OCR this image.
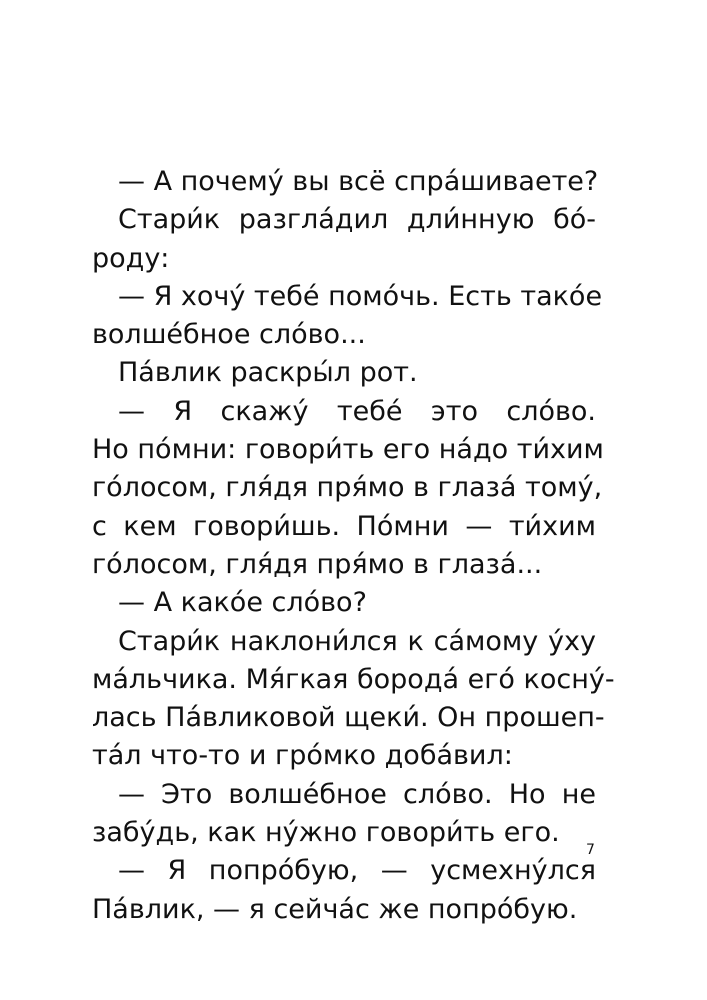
— А почему́ вы всё спра́шиваете?
Стари́к разгла́дил дли́нную бо́-
роду:
— Я хочу́ тебе́ помо́чь. Есть тако́е
волше́бное сло́во...
Па́влик раскры́л рот.
— Я скажу́ тебе́ это сло́во.
Но по́мни: говори́ть его на́до ти́хим
го́лосом, гля́дя пря́мо в глаза́ тому́,
с кем говори́шь. По́мни — ти́хим
го́лосом, гля́дя пря́мо в глаза́...
— А како́е сло́во?
Стари́к наклони́лся к са́мому у́ху
ма́льчика. Мя́гкая борода́ его́ косну́-
лась Па́вликовой щеки́. Он прошеп-
та́л что-то и гро́мко доба́вил:
— Это волше́бное сло́во. Но не
забу́дь, как ну́жно говори́ть его.
— Я попро́бую, — усмехну́лся
Па́влик, — я сейча́с же попро́бую.
7
